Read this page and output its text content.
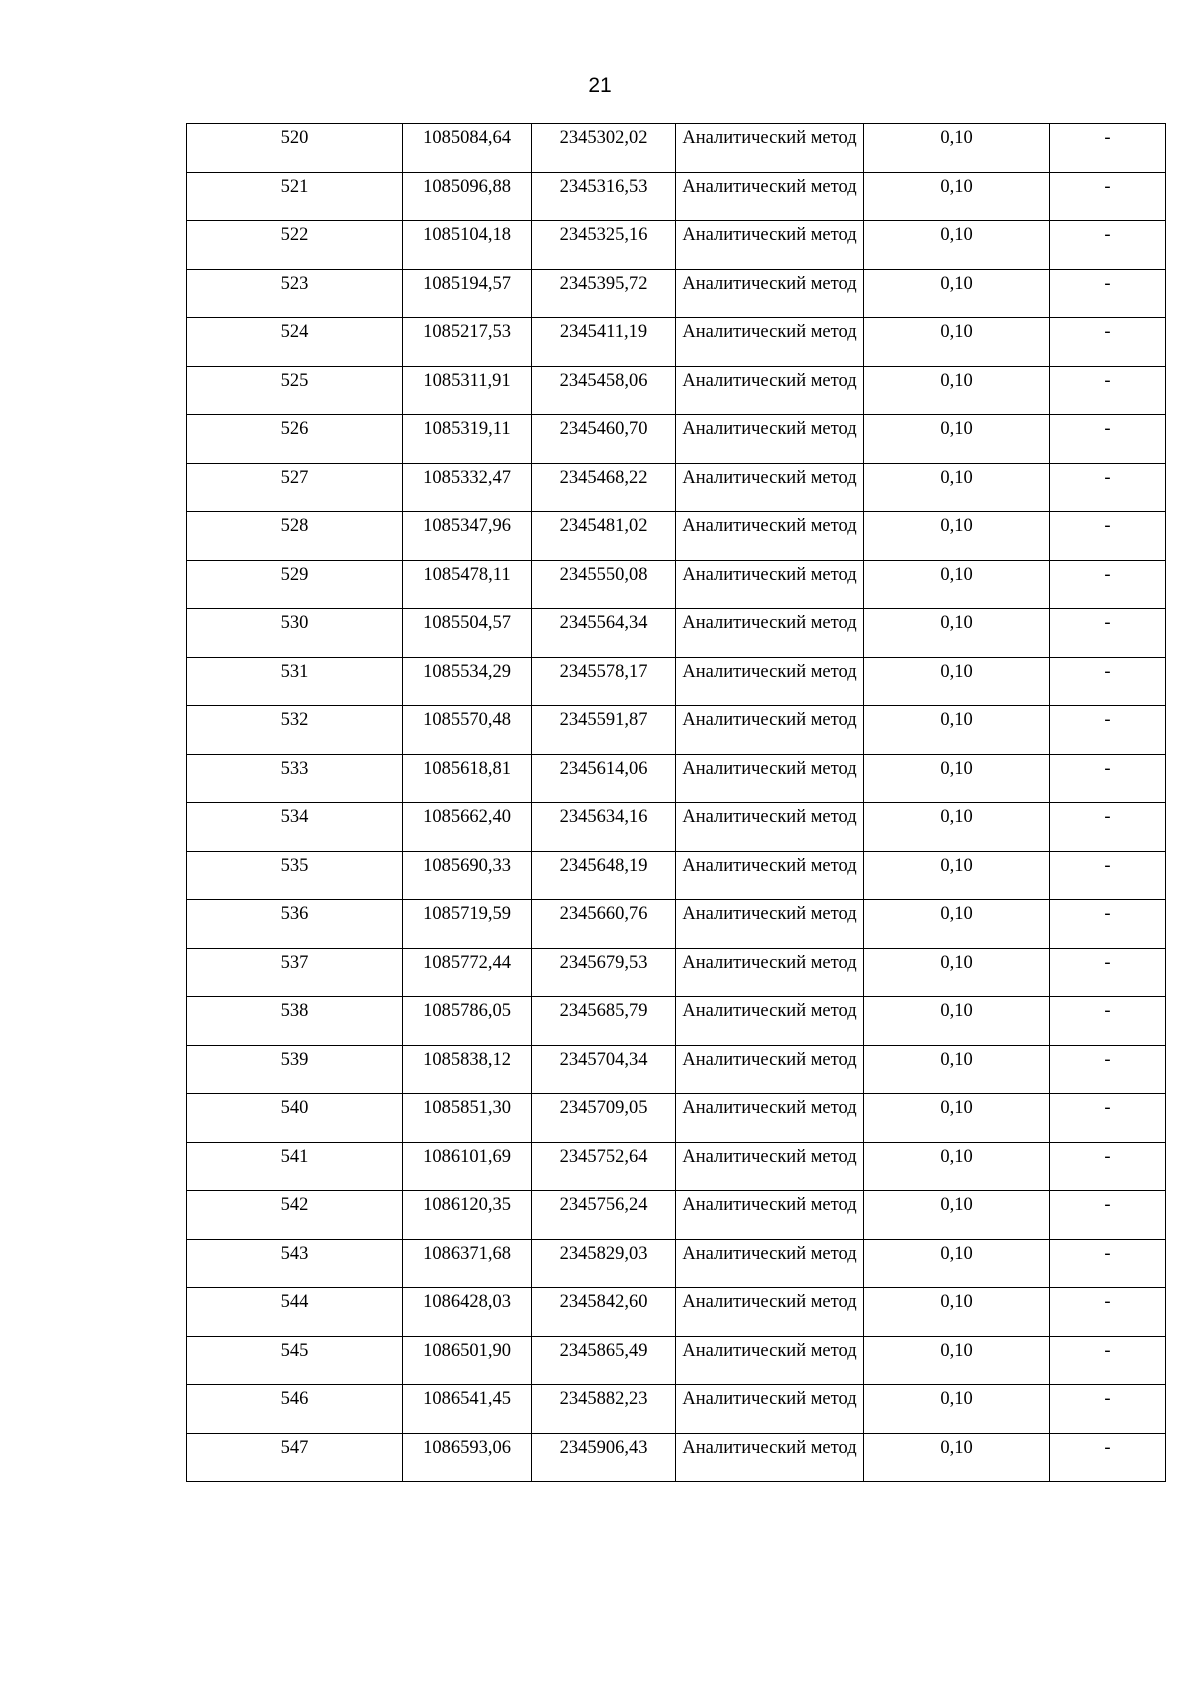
21
520	1085084,64	2345302,02	Аналитический метод	0,10	-
521	1085096,88	2345316,53	Аналитический метод	0,10	-
522	1085104,18	2345325,16	Аналитический метод	0,10	-
523	1085194,57	2345395,72	Аналитический метод	0,10	-
524	1085217,53	2345411,19	Аналитический метод	0,10	-
525	1085311,91	2345458,06	Аналитический метод	0,10	-
526	1085319,11	2345460,70	Аналитический метод	0,10	-
527	1085332,47	2345468,22	Аналитический метод	0,10	-
528	1085347,96	2345481,02	Аналитический метод	0,10	-
529	1085478,11	2345550,08	Аналитический метод	0,10	-
530	1085504,57	2345564,34	Аналитический метод	0,10	-
531	1085534,29	2345578,17	Аналитический метод	0,10	-
532	1085570,48	2345591,87	Аналитический метод	0,10	-
533	1085618,81	2345614,06	Аналитический метод	0,10	-
534	1085662,40	2345634,16	Аналитический метод	0,10	-
535	1085690,33	2345648,19	Аналитический метод	0,10	-
536	1085719,59	2345660,76	Аналитический метод	0,10	-
537	1085772,44	2345679,53	Аналитический метод	0,10	-
538	1085786,05	2345685,79	Аналитический метод	0,10	-
539	1085838,12	2345704,34	Аналитический метод	0,10	-
540	1085851,30	2345709,05	Аналитический метод	0,10	-
541	1086101,69	2345752,64	Аналитический метод	0,10	-
542	1086120,35	2345756,24	Аналитический метод	0,10	-
543	1086371,68	2345829,03	Аналитический метод	0,10	-
544	1086428,03	2345842,60	Аналитический метод	0,10	-
545	1086501,90	2345865,49	Аналитический метод	0,10	-
546	1086541,45	2345882,23	Аналитический метод	0,10	-
547	1086593,06	2345906,43	Аналитический метод	0,10	-
